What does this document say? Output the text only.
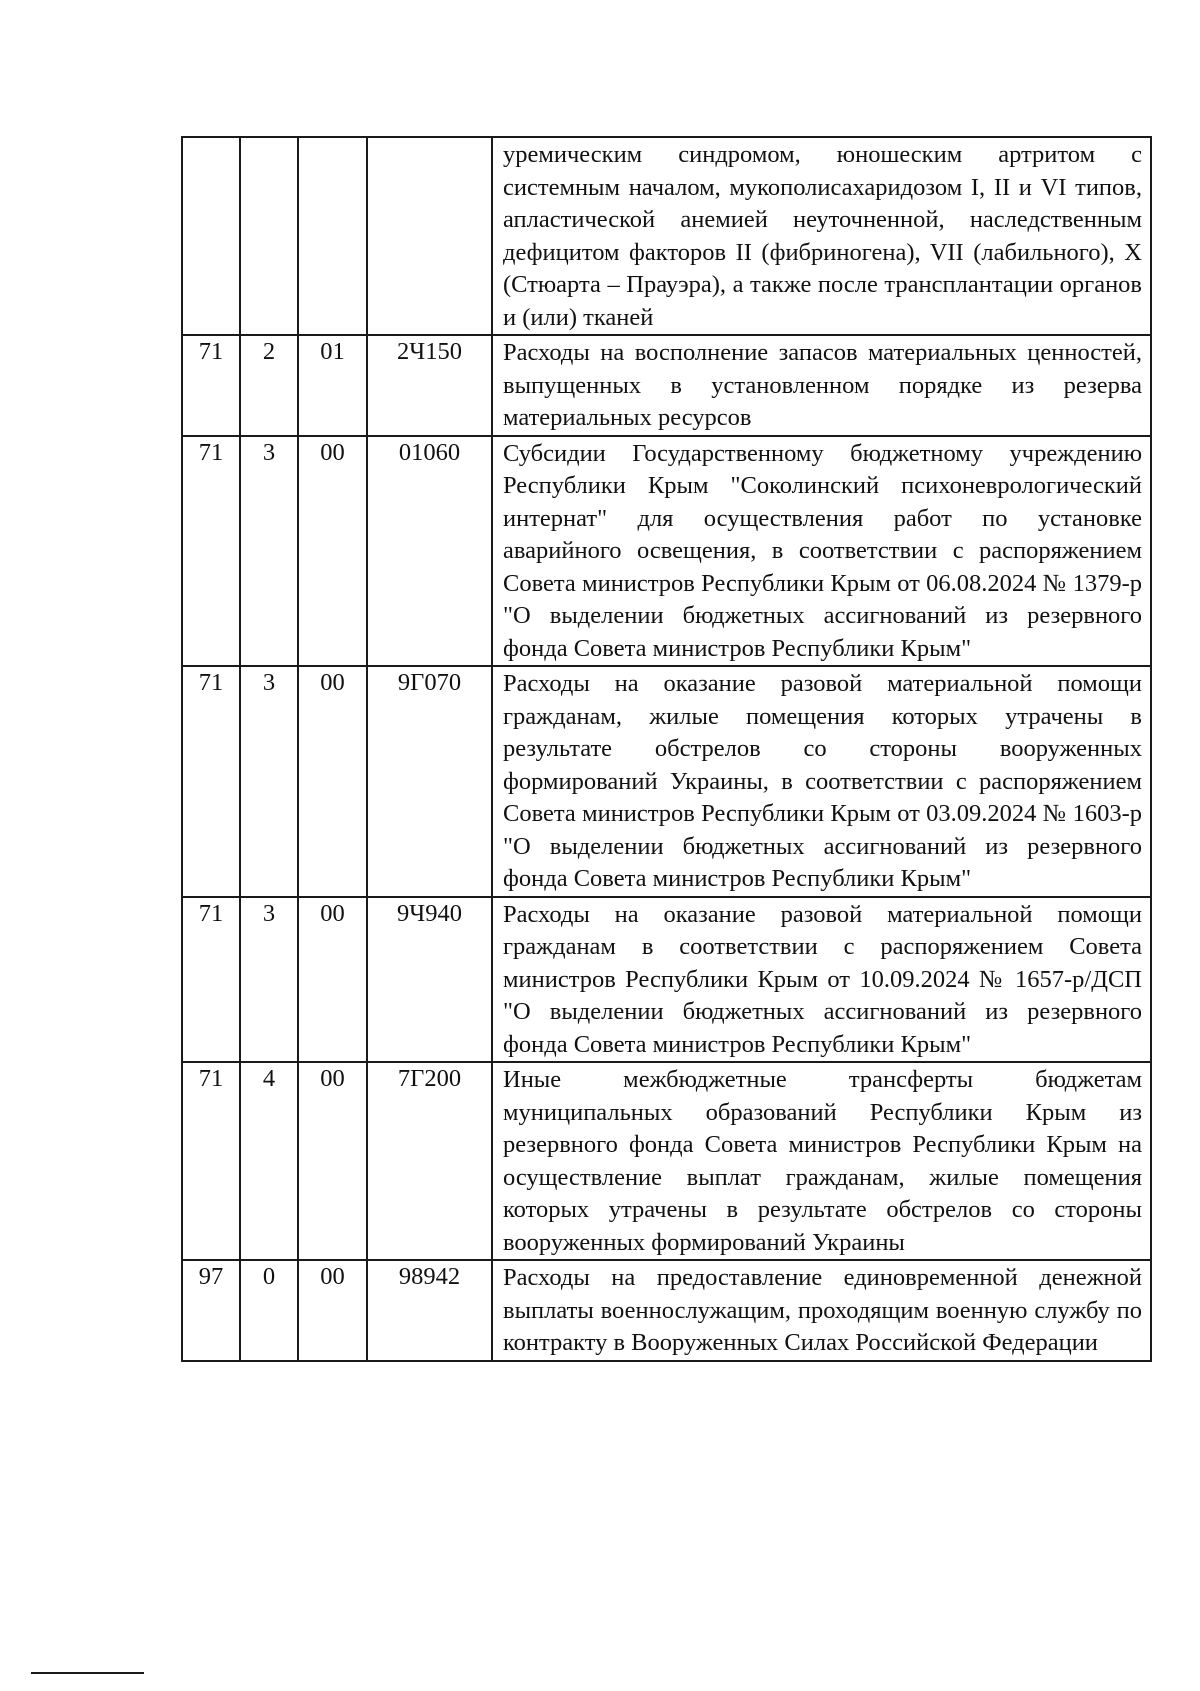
				уремическим синдромом, юношеским артритом с системным началом, мукополисахаридозом I, II и VI типов, апластической анемией неуточненной, наследственным дефицитом факторов II (фибриногена), VII (лабильного), X (Стюарта – Прауэра), а также после трансплантации органов и (или) тканей
71	2	01	2Ч150	Расходы на восполнение запасов материальных ценностей, выпущенных в установленном порядке из резерва материальных ресурсов
71	3	00	01060	Субсидии Государственному бюджетному учреждению Республики Крым "Соколинский психоневрологический интернат" для осуществления работ по установке аварийного освещения, в соответствии с распоряжением Совета министров Республики Крым от 06.08.2024 № 1379-р "О выделении бюджетных ассигнований из резервного фонда Совета министров Республики Крым"
71	3	00	9Г070	Расходы на оказание разовой материальной помощи гражданам, жилые помещения которых утрачены в результате обстрелов со стороны вооруженных формирований Украины, в соответствии с распоряжением Совета министров Республики Крым от 03.09.2024 № 1603-р "О выделении бюджетных ассигнований из резервного фонда Совета министров Республики Крым"
71	3	00	9Ч940	Расходы на оказание разовой материальной помощи гражданам в соответствии с распоряжением Совета министров Республики Крым от 10.09.2024 № 1657-р/ДСП "О выделении бюджетных ассигнований из резервного фонда Совета министров Республики Крым"
71	4	00	7Г200	Иные межбюджетные трансферты бюджетам муниципальных образований Республики Крым из резервного фонда Совета министров Республики Крым на осуществление выплат гражданам, жилые помещения которых утрачены в результате обстрелов со стороны вооруженных формирований Украины
97	0	00	98942	Расходы на предоставление единовременной денежной выплаты военнослужащим, проходящим военную службу по контракту в Вооруженных Силах Российской Федерации
